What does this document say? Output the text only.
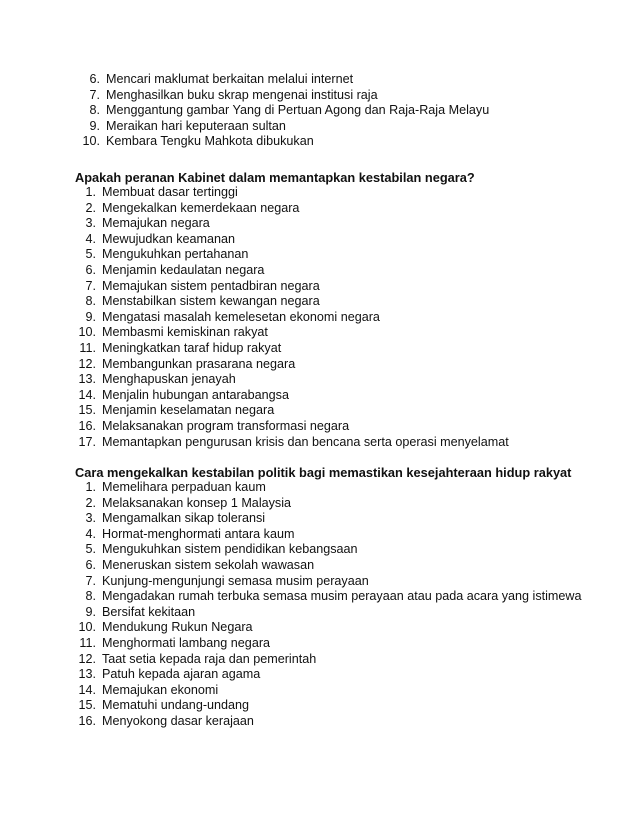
6. Mencari maklumat berkaitan melalui internet
7. Menghasilkan buku skrap mengenai institusi raja
8. Menggantung gambar Yang di Pertuan Agong dan Raja-Raja Melayu
9. Meraikan hari keputeraan sultan
10. Kembara Tengku Mahkota dibukukan
Apakah peranan Kabinet dalam memantapkan kestabilan negara?
1. Membuat dasar tertinggi
2. Mengekalkan kemerdekaan negara
3. Memajukan negara
4. Mewujudkan keamanan
5. Mengukuhkan pertahanan
6. Menjamin kedaulatan negara
7. Memajukan sistem pentadbiran negara
8. Menstabilkan sistem kewangan negara
9. Mengatasi masalah kemelesetan ekonomi negara
10. Membasmi kemiskinan rakyat
11. Meningkatkan taraf hidup rakyat
12. Membangunkan prasarana negara
13. Menghapuskan jenayah
14. Menjalin hubungan antarabangsa
15. Menjamin keselamatan negara
16. Melaksanakan program transformasi negara
17. Memantapkan pengurusan krisis dan bencana serta operasi menyelamat
Cara mengekalkan kestabilan politik bagi memastikan kesejahteraan hidup rakyat
1. Memelihara perpaduan kaum
2. Melaksanakan konsep 1 Malaysia
3. Mengamalkan sikap toleransi
4. Hormat-menghormati antara kaum
5. Mengukuhkan sistem pendidikan kebangsaan
6. Meneruskan sistem sekolah wawasan
7. Kunjung-mengunjungi semasa musim perayaan
8. Mengadakan rumah terbuka semasa musim perayaan atau pada acara yang istimewa
9. Bersifat kekitaan
10. Mendukung Rukun Negara
11. Menghormati lambang negara
12. Taat setia kepada raja dan pemerintah
13. Patuh kepada ajaran agama
14. Memajukan ekonomi
15. Mematuhi undang-undang
16. Menyokong dasar kerajaan
